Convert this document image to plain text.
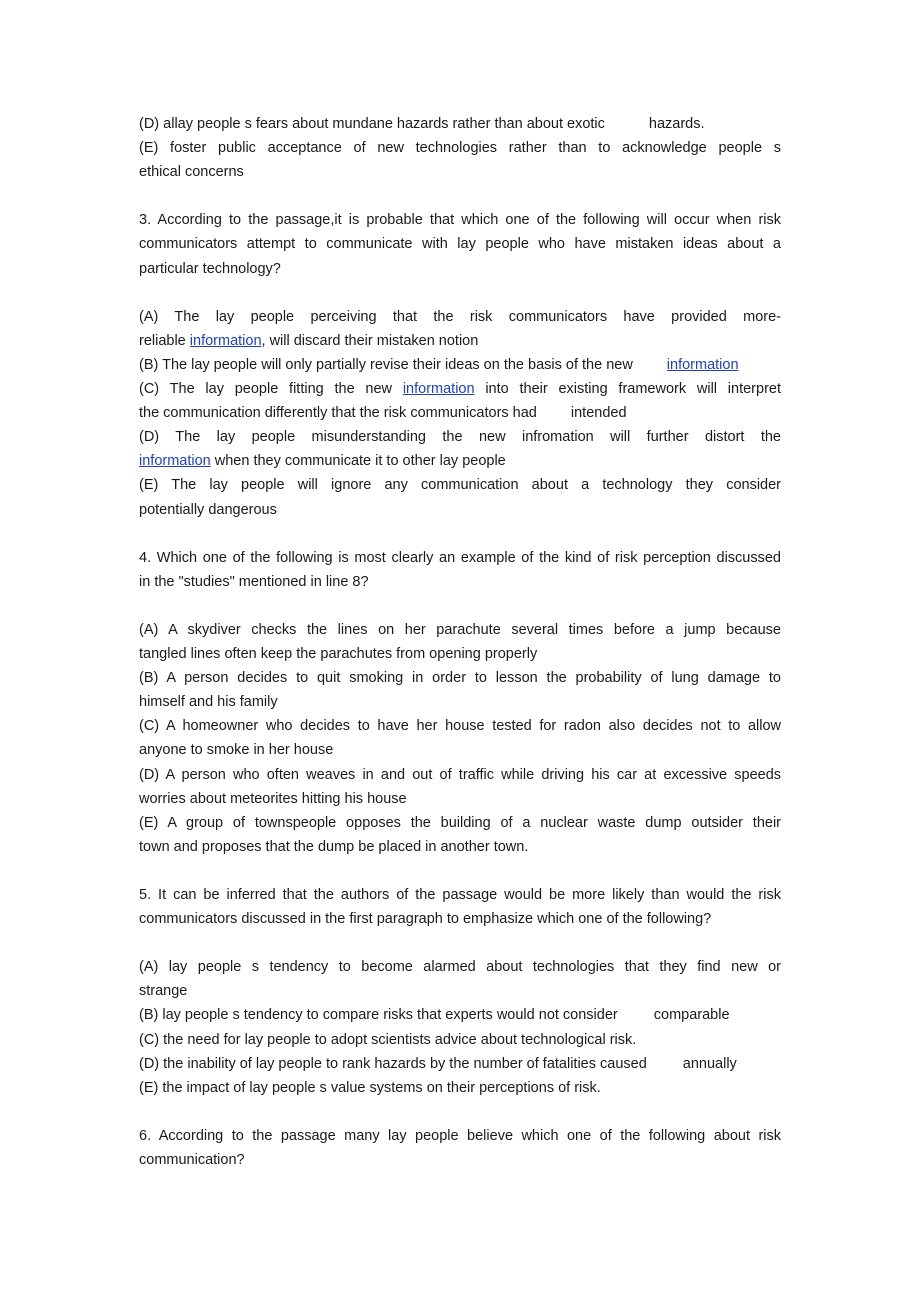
(D) allay people s fears about mundane hazards rather than about exotic	hazards.
(E) foster public acceptance of new technologies rather than to acknowledge people s
ethical concerns
3. According to the passage,it is probable that which one of the following will occur when risk
communicators attempt to communicate with lay people who have mistaken ideas about a
particular technology?
(A) The lay people perceiving that the risk communicators have provided more-
reliable information, will discard their mistaken notion
(B) The lay people will only partially revise their ideas on the basis of the new information
(C) The lay people fitting the new information into their existing framework will interpret
the communication differently that the risk communicators had intended
(D) The lay people misunderstanding the new infromation will further distort the
information when they communicate it to other lay people
(E) The lay people will ignore any communication about a technology they consider
potentially dangerous
4. Which one of the following is most clearly an example of the kind of risk perception discussed
in the "studies" mentioned in line 8?
(A) A skydiver checks the lines on her parachute several times before a jump because
tangled lines often keep the parachutes from opening properly
(B) A person decides to quit smoking in order to lesson the probability of lung damage to
himself and his family
(C) A homeowner who decides to have her house tested for radon also decides not to allow
anyone to smoke in her house
(D) A person who often weaves in and out of traffic while driving his car at excessive speeds
worries about meteorites hitting his house
(E) A group of townspeople opposes the building of a nuclear waste dump outsider their
town and proposes that the dump be placed in another town.
5. It can be inferred that the authors of the passage would be more likely than would the risk
communicators discussed in the first paragraph to emphasize which one of the following?
(A) lay people s tendency to become alarmed about technologies that they find new or
strange
(B) lay people s tendency to compare risks that experts would not consider comparable
(C) the need for lay people to adopt scientists advice about technological risk.
(D) the inability of lay people to rank hazards by the number of fatalities caused annually
(E) the impact of lay people s value systems on their perceptions of risk.
6. According to the passage many lay people believe which one of the following about risk
communication?
